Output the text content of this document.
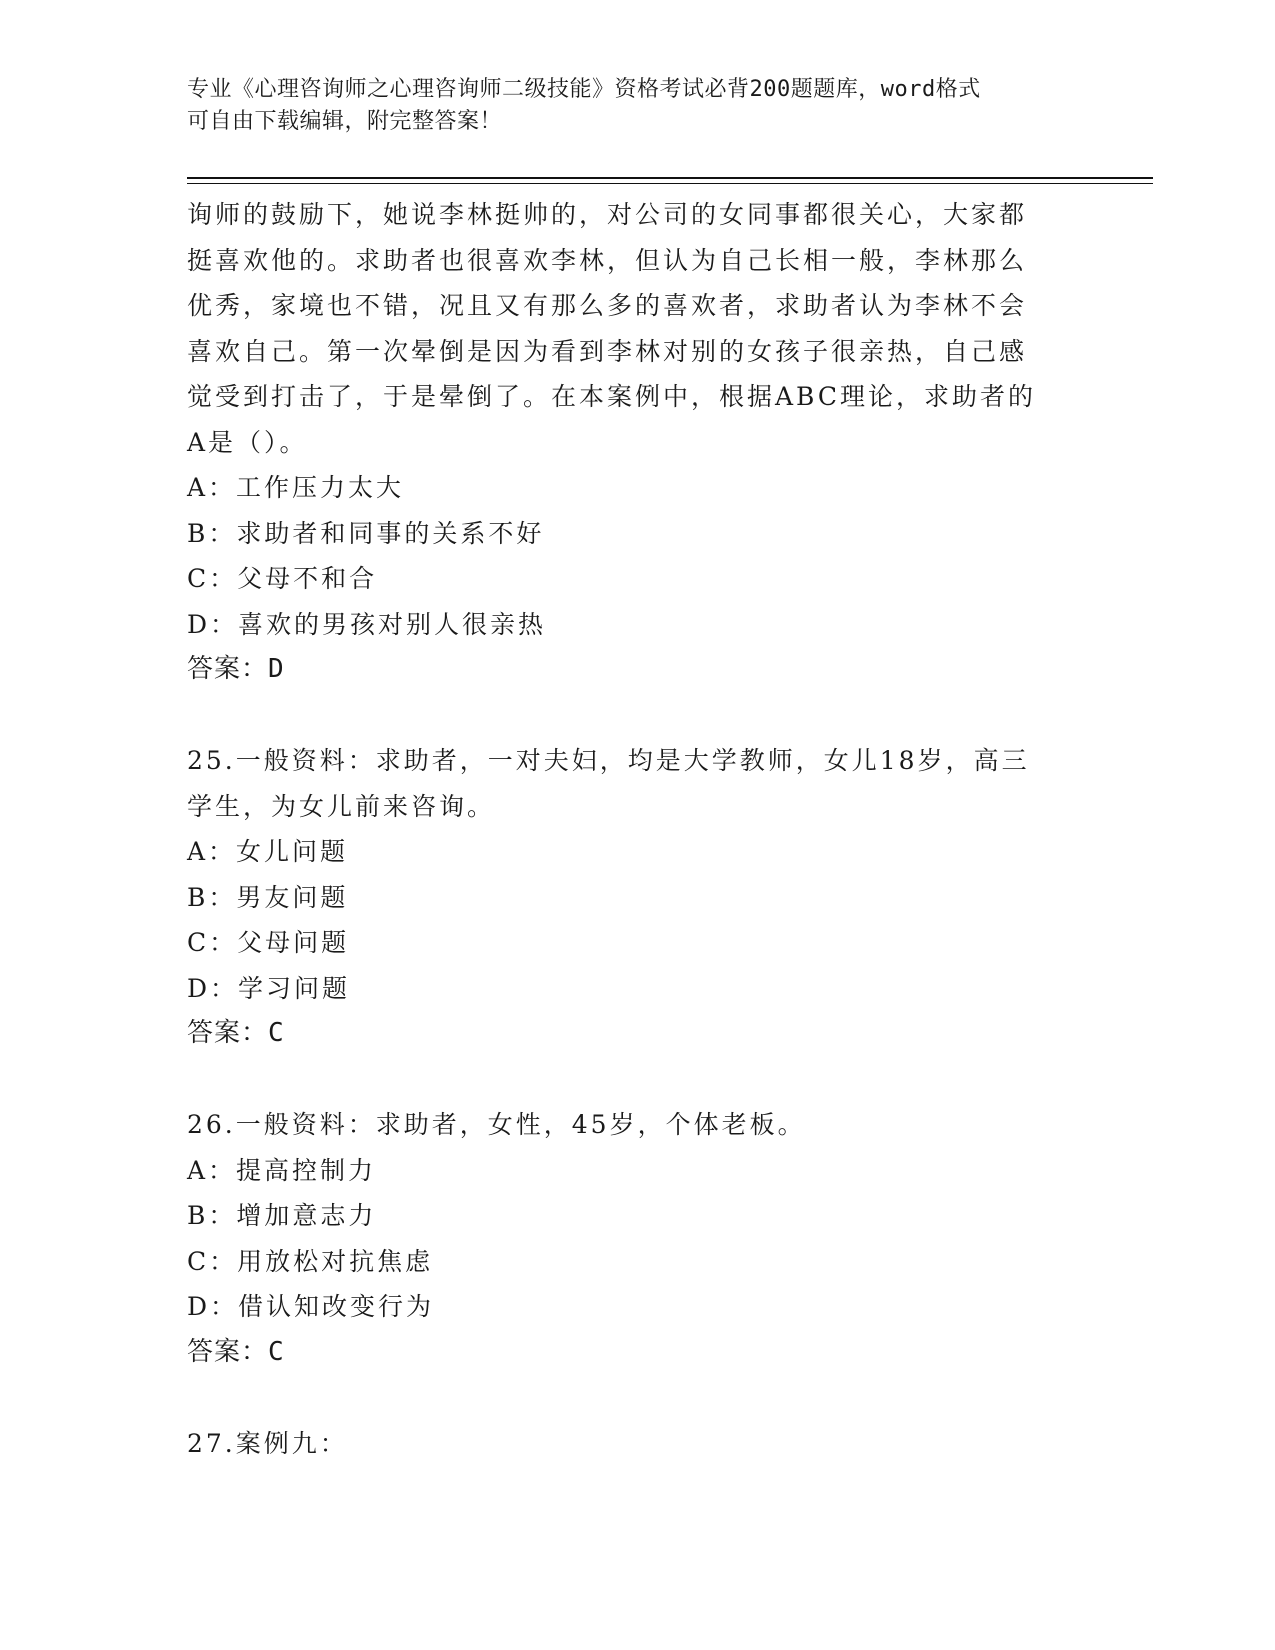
专业《心理咨询师之心理咨询师二级技能》资格考试必背200题题库，word格式
可自由下载编辑，附完整答案！

询师的鼓励下，她说李林挺帅的，对公司的女同事都很关心，大家都

挺喜欢他的。求助者也很喜欢李林，但认为自己长相一般，李林那么

优秀，家境也不错，况且又有那么多的喜欢者，求助者认为李林不会

喜欢自己。第一次晕倒是因为看到李林对别的女孩子很亲热，自己感

觉受到打击了，于是晕倒了。在本案例中，根据ABC理论，求助者的

A是（）。

A：工作压力太大

B：求助者和同事的关系不好

C：父母不和合

D：喜欢的男孩对别人很亲热

答案：D

25.一般资料：求助者，一对夫妇，均是大学教师，女儿18岁，高三

学生，为女儿前来咨询。

A：女儿问题

B：男友问题

C：父母问题

D：学习问题

答案：C

26.一般资料：求助者，女性，45岁，个体老板。

A：提高控制力

B：增加意志力

C：用放松对抗焦虑

D：借认知改变行为

答案：C

27.案例九：
